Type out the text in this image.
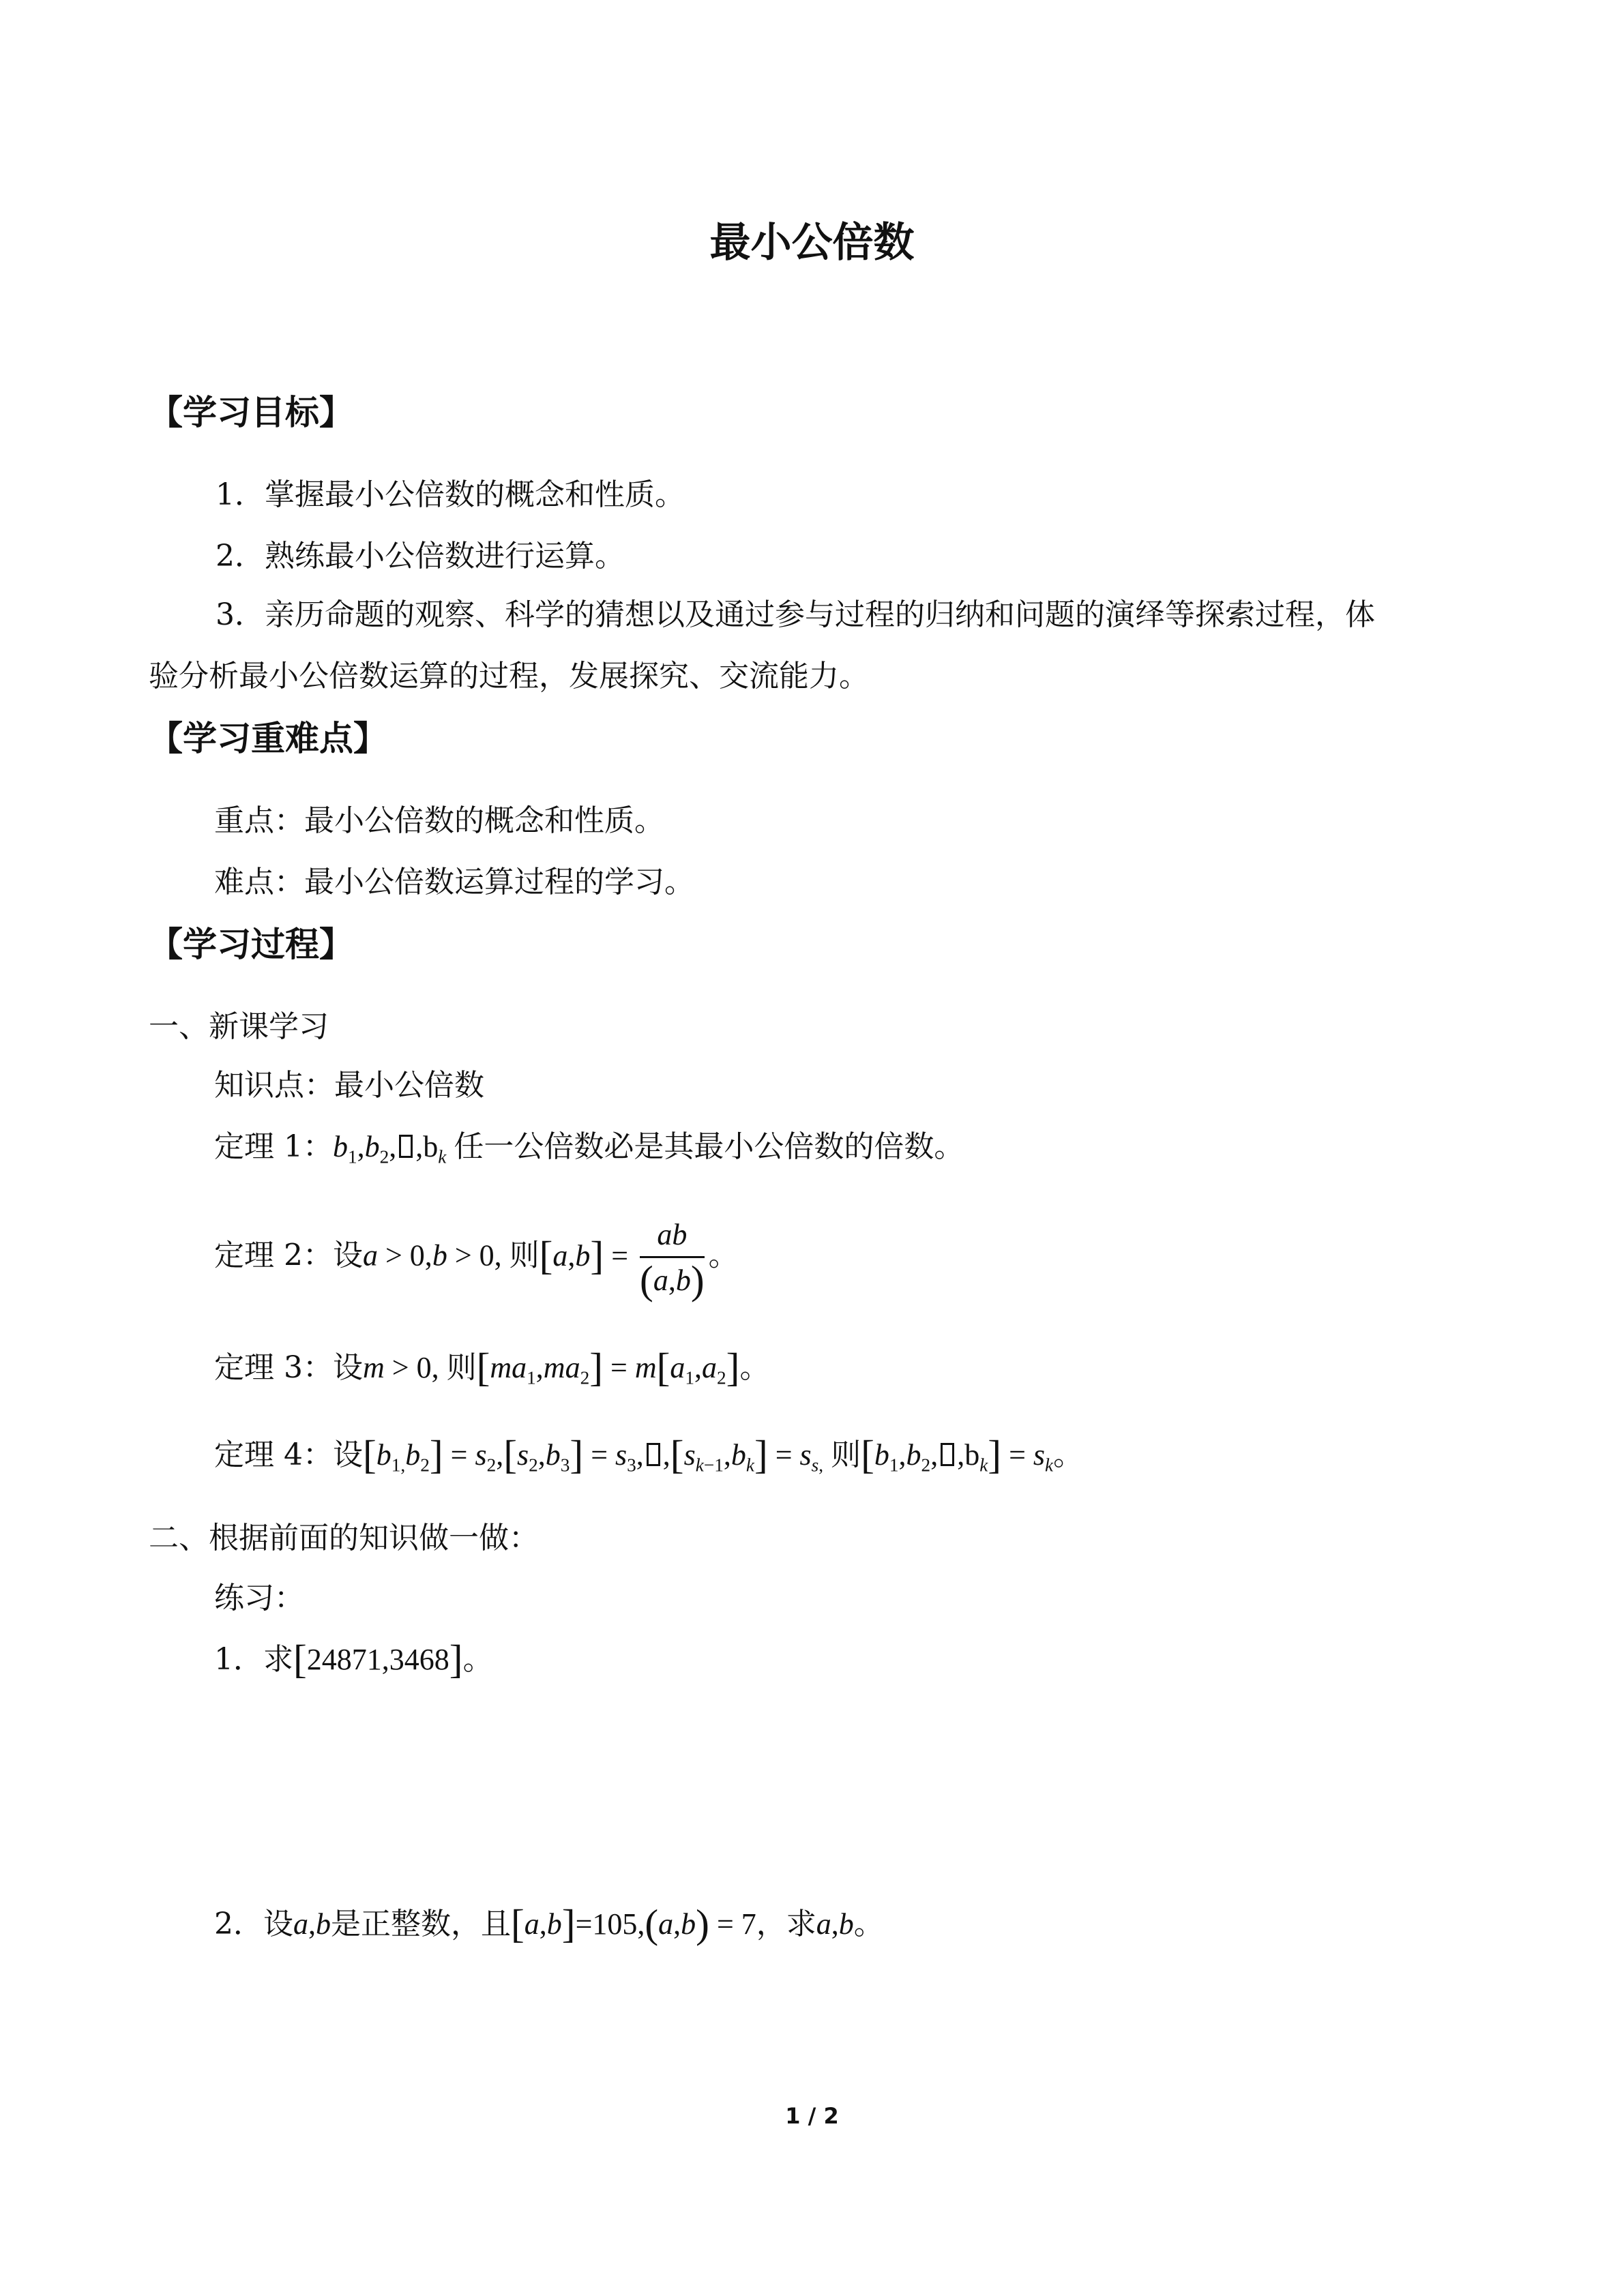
最小公倍数
【学习目标】
1．掌握最小公倍数的概念和性质。
2．熟练最小公倍数进行运算。
3．亲历命题的观察、科学的猜想以及通过参与过程的归纳和问题的演绎等探索过程，体
验分析最小公倍数运算的过程，发展探究、交流能力。
【学习重难点】
重点：最小公倍数的概念和性质。
难点：最小公倍数运算过程的学习。
【学习过程】
一、新课学习
知识点：最小公倍数
定理 1：$b_1,b_2$, $,b_k$ 任一公倍数必是其最小公倍数的倍数。
定理 2：设a > 0,b > 0, 则$[a,b] = \frac{ab}{(a,b)}$ 。
定理 3：设m > 0, 则$[ma_1,ma_2] = m[a_1,a_2]$。
定理 4：设$[b_{1,}b_2] = s_2,[s_2,b_3] = s_3$, $,[s_{k-1},b_k] = s_{s,}$ 则[$b_1,b_2$, $,b_k] = s_k$。
二、根据前面的知识做一做：
练习：
1．求[24871,3468]。
2．设a,b是正整数，且[a,b]=105,(a,b) = 7，求a,b。
1 / 2
